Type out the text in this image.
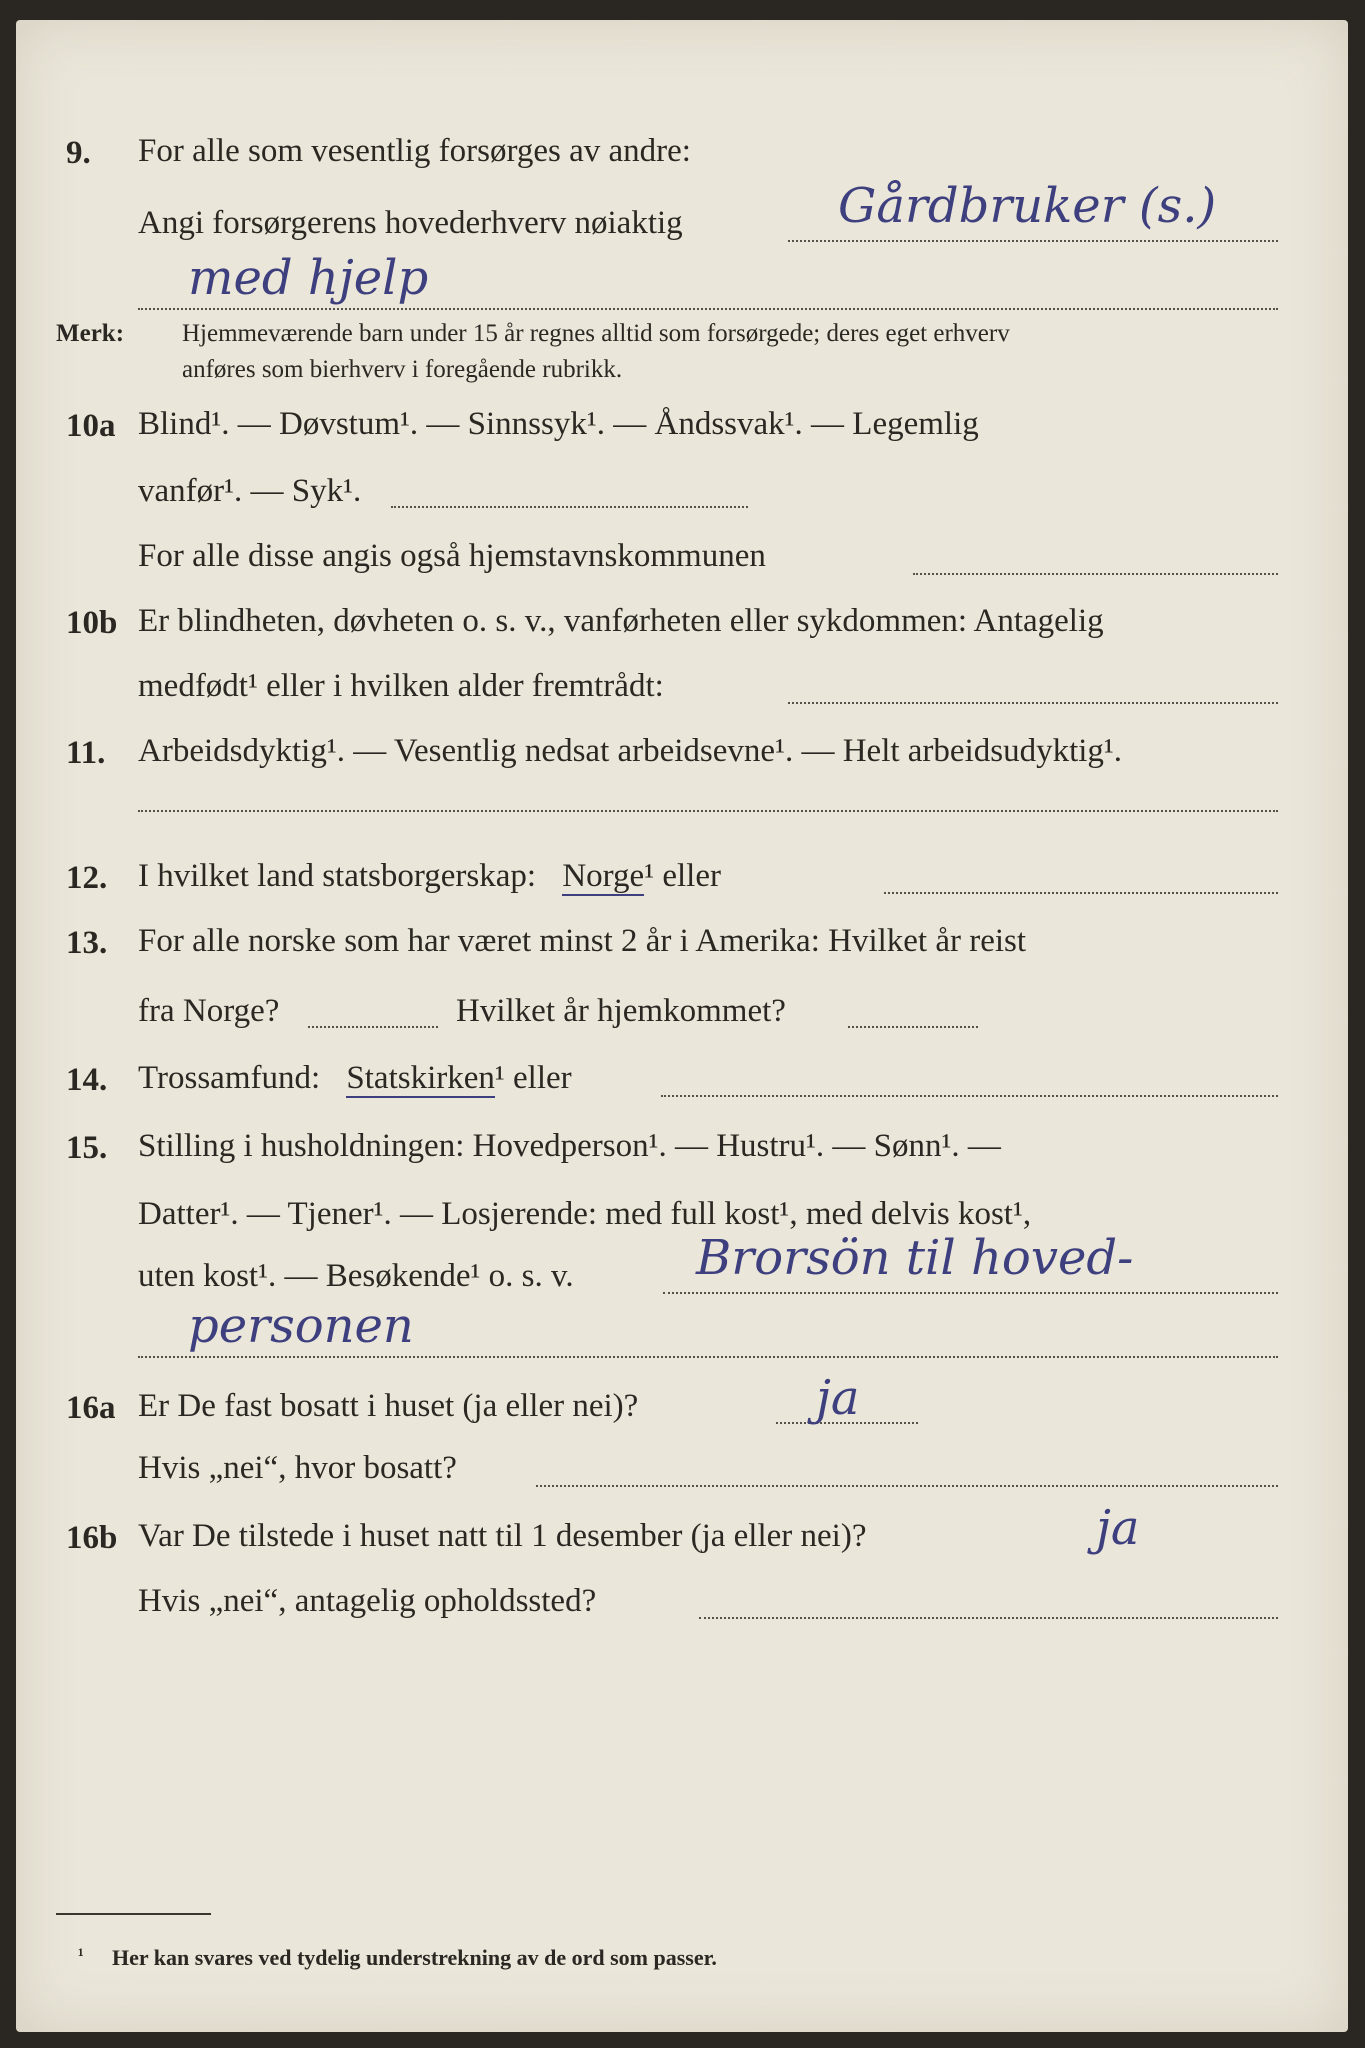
9. For alle som vesentlig forsørges av andre:
Angi forsørgerens hovederhverv nøiaktig	Gårdbruker (s.)
med hjelp
Merk: Hjemmeværende barn under 15 år regnes alltid som forsørgede; deres eget erhverv
anføres som bierhverv i foregående rubrikk.
10a Blind¹. — Døvstum¹. — Sinnssyk¹. — Åndssvak¹. — Legemlig
vanfør¹. — Syk¹.
For alle disse angis også hjemstavnskommunen
10b Er blindheten, døvheten o. s. v., vanførheten eller sykdommen: Antagelig
medfødt¹ eller i hvilken alder fremtrådt:
11. Arbeidsdyktig¹. — Vesentlig nedsat arbeidsevne¹. — Helt arbeidsudyktig¹.
12. I hvilket land statsborgerskap: Norge¹ eller
13. For alle norske som har været minst 2 år i Amerika: Hvilket år reist
fra Norge?	Hvilket år hjemkommet?
14. Trossamfund: Statskirken¹ eller
15. Stilling i husholdningen: Hovedperson¹. — Hustru¹. — Sønn¹. —
Datter¹. — Tjener¹. — Losjerende: med full kost¹, med delvis kost¹,
uten kost¹. — Besøkende¹ o. s. v.	Brorsön til hoved-
personen
16a Er De fast bosatt i huset (ja eller nei)?	ja
Hvis „nei“, hvor bosatt?
16b Var De tilstede i huset natt til 1 desember (ja eller nei)?	ja
Hvis „nei“, antagelig opholdssted?
¹ Her kan svares ved tydelig understrekning av de ord som passer.
